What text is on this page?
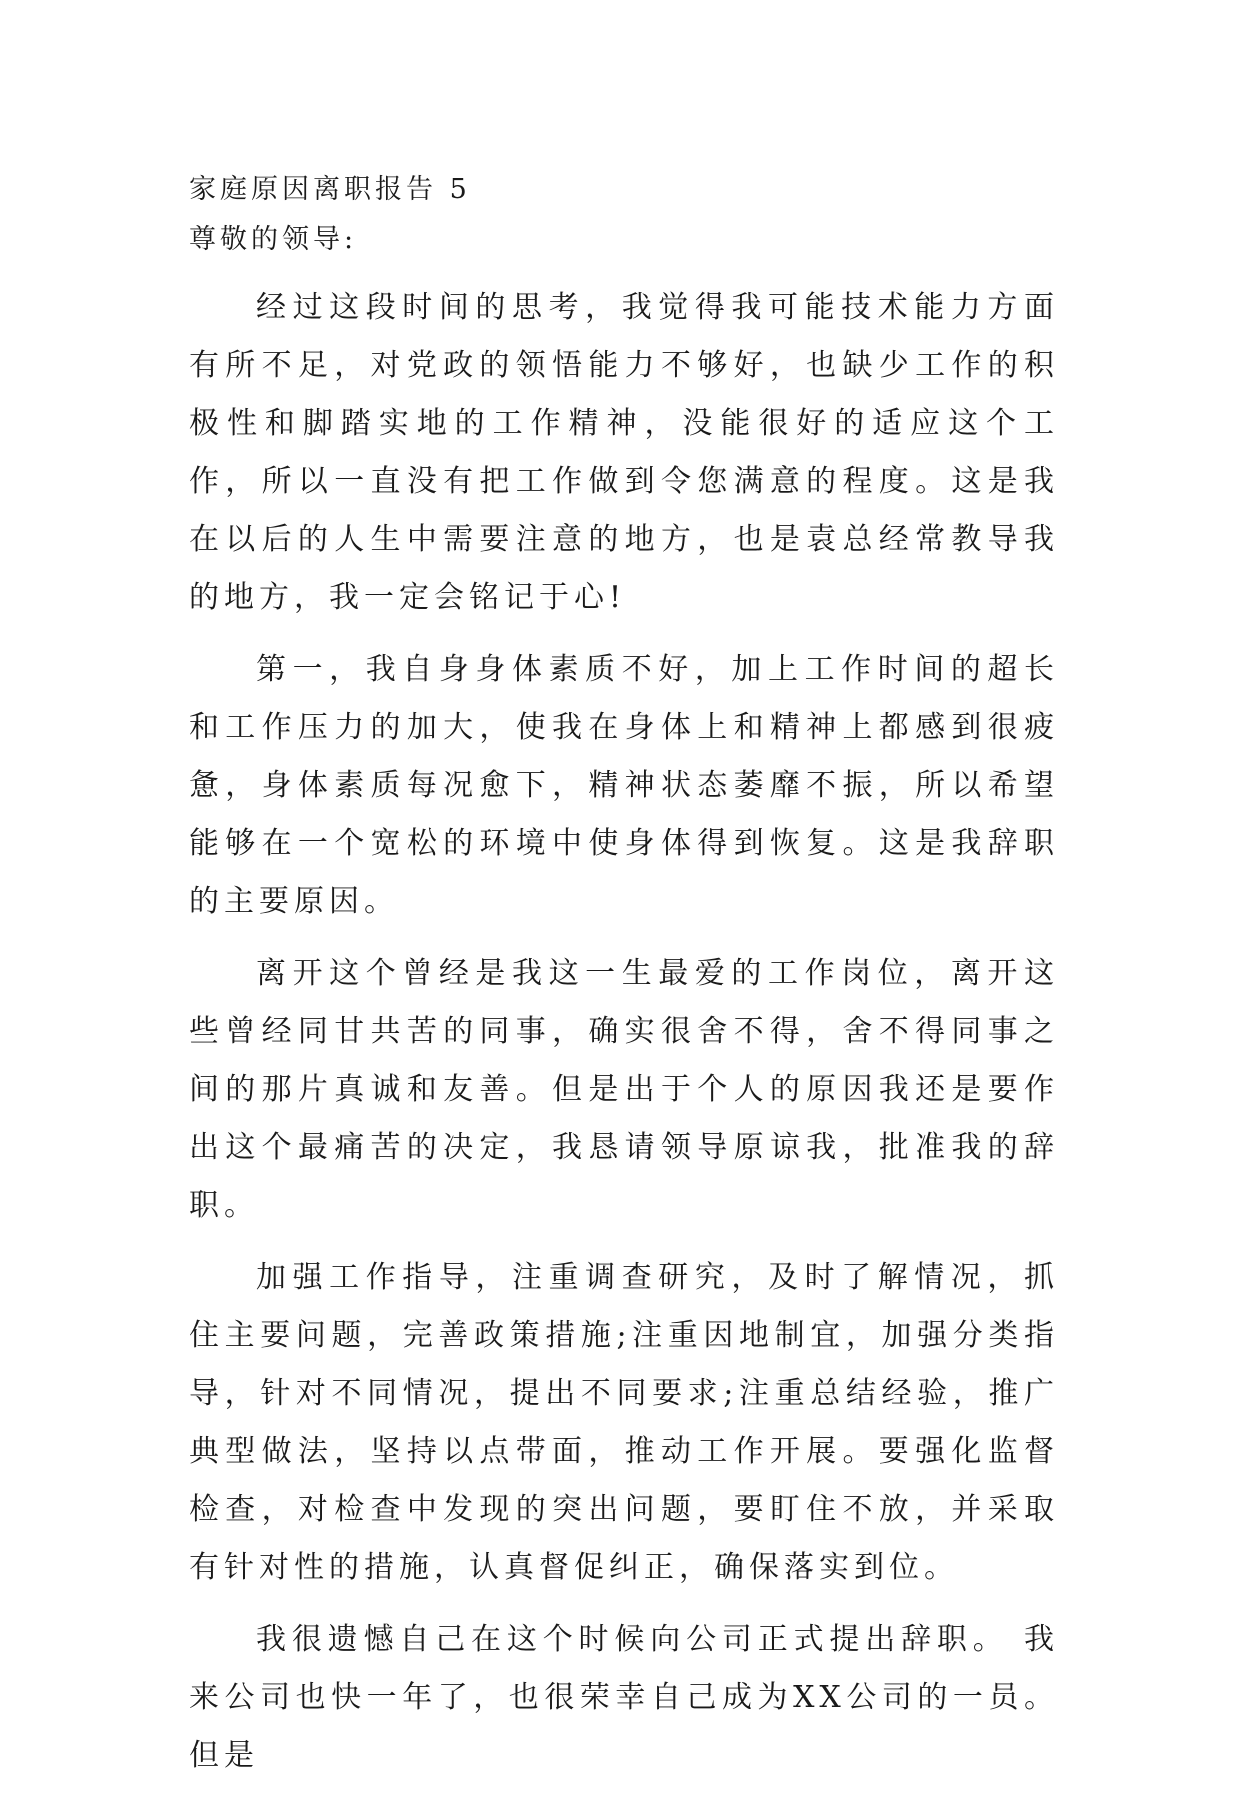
家庭原因离职报告 5
尊敬的领导:

经过这段时间的思考，我觉得我可能技术能力方面有所不足，对党政的领悟能力不够好，也缺少工作的积极性和脚踏实地的工作精神，没能很好的适应这个工作，所以一直没有把工作做到令您满意的程度。这是我在以后的人生中需要注意的地方，也是袁总经常教导我的地方，我一定会铭记于心!

第一，我自身身体素质不好，加上工作时间的超长和工作压力的加大，使我在身体上和精神上都感到很疲惫，身体素质每况愈下，精神状态萎靡不振，所以希望能够在一个宽松的环境中使身体得到恢复。这是我辞职的主要原因。

离开这个曾经是我这一生最爱的工作岗位，离开这些曾经同甘共苦的同事，确实很舍不得，舍不得同事之间的那片真诚和友善。但是出于个人的原因我还是要作出这个最痛苦的决定，我恳请领导原谅我，批准我的辞职。

加强工作指导，注重调查研究，及时了解情况，抓住主要问题，完善政策措施;注重因地制宜，加强分类指导，针对不同情况，提出不同要求;注重总结经验，推广典型做法，坚持以点带面，推动工作开展。要强化监督检查，对检查中发现的突出问题，要盯住不放，并采取有针对性的措施，认真督促纠正，确保落实到位。

我很遗憾自己在这个时候向公司正式提出辞职。 我来公司也快一年了，也很荣幸自己成为XX公司的一员。 但是
